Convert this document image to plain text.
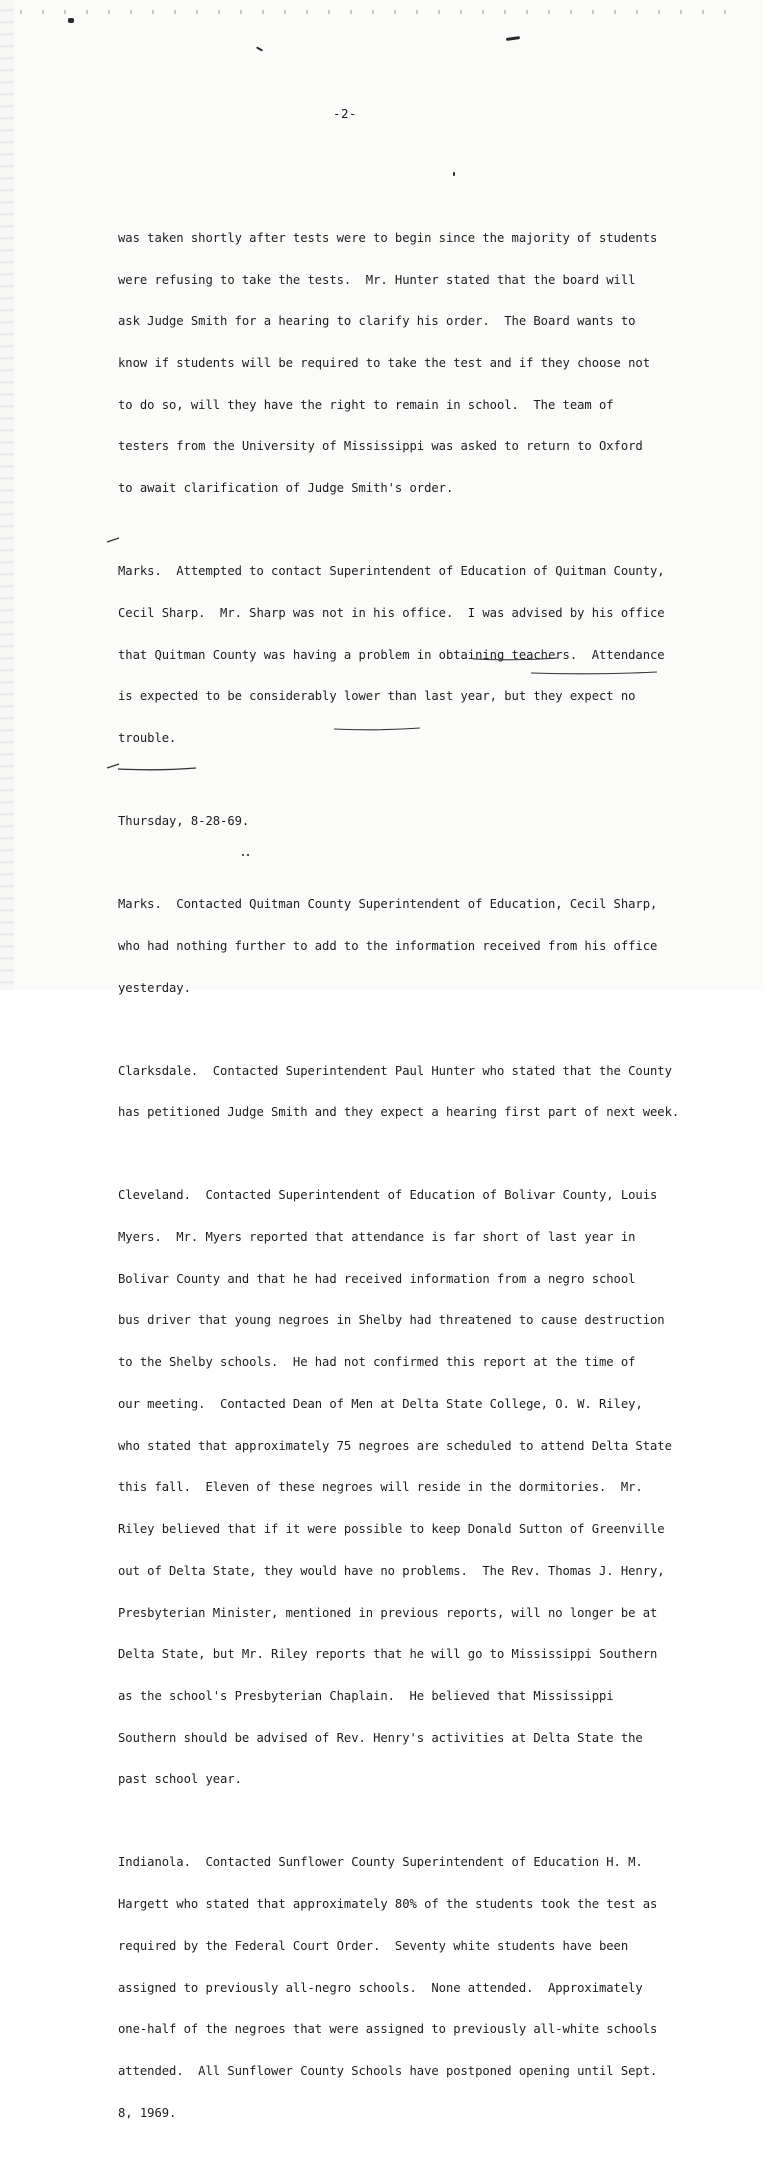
-2-

was taken shortly after tests were to begin since the majority of students

were refusing to take the tests.  Mr. Hunter stated that the board will

ask Judge Smith for a hearing to clarify his order.  The Board wants to

know if students will be required to take the test and if they choose not

to do so, will they have the right to remain in school.  The team of

testers from the University of Mississippi was asked to return to Oxford

to await clarification of Judge Smith's order.

Marks.  Attempted to contact Superintendent of Education of Quitman County,

Cecil Sharp.  Mr. Sharp was not in his office.  I was advised by his office

that Quitman County was having a problem in obtaining teachers.  Attendance

is expected to be considerably lower than last year, but they expect no

trouble.

Thursday, 8-28-69.

Marks.  Contacted Quitman County Superintendent of Education, Cecil Sharp,

who had nothing further to add to the information received from his office

yesterday.

Clarksdale.  Contacted Superintendent Paul Hunter who stated that the County

has petitioned Judge Smith and they expect a hearing first part of next week.

Cleveland.  Contacted Superintendent of Education of Bolivar County, Louis

Myers.  Mr. Myers reported that attendance is far short of last year in

Bolivar County and that he had received information from a negro school

bus driver that young negroes in Shelby had threatened to cause destruction

to the Shelby schools.  He had not confirmed this report at the time of

our meeting.  Contacted Dean of Men at Delta State College, O. W. Riley,

who stated that approximately 75 negroes are scheduled to attend Delta State

this fall.  Eleven of these negroes will reside in the dormitories.  Mr.

Riley believed that if it were possible to keep Donald Sutton of Greenville

out of Delta State, they would have no problems.  The Rev. Thomas J. Henry,

Presbyterian Minister, mentioned in previous reports, will no longer be at

Delta State, but Mr. Riley reports that he will go to Mississippi Southern

as the school's Presbyterian Chaplain.  He believed that Mississippi

Southern should be advised of Rev. Henry's activities at Delta State the

past school year.

Indianola.  Contacted Sunflower County Superintendent of Education H. M.

Hargett who stated that approximately 80% of the students took the test as

required by the Federal Court Order.  Seventy white students have been

assigned to previously all-negro schools.  None attended.  Approximately

one-half of the negroes that were assigned to previously all-white schools

attended.  All Sunflower County Schools have postponed opening until Sept.

8, 1969.
